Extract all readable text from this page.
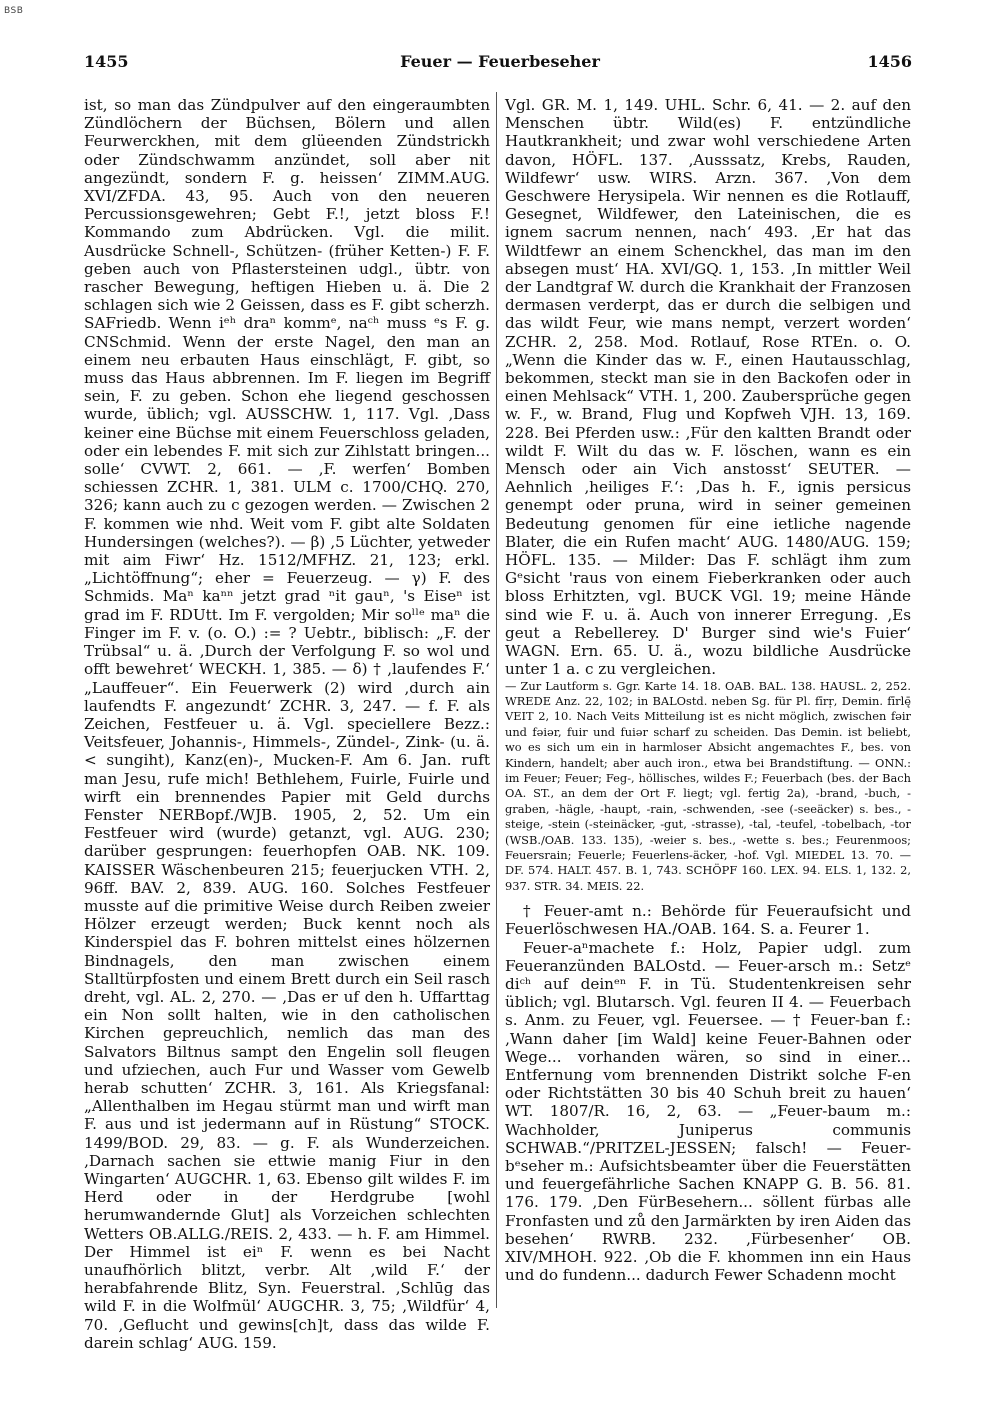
BSB
1455	Feuer — Feuerbeseher	1456

ist, so man das Zündpulver auf den eingeraumbten Zündlöchern der Büchsen, Bölern und allen Feurwerckhen, mit dem glüeenden Zündstrickh oder Zündschwamm anzündet, soll aber nit angezündt, sondern F. g. heissen‘ ZIMM.AUG. XVI/ZFDA. 43, 95. Auch von den neueren Percussionsgewehren; Gebt F.!, jetzt bloss F.! Kommando zum Abdrücken. Vgl. die milit. Ausdrücke Schnell-, Schützen- (früher Ketten-) F. F. geben auch von Pflastersteinen udgl., übtr. von rascher Bewegung, heftigen Hieben u. ä. Die 2 schlagen sich wie 2 Geissen, dass es F. gibt scherzh. SAFriedb. Wenn iᵉʰ draⁿ kommᵉ, naᶜʰ muss ᵉs F. g. CNSchmid. Wenn der erste Nagel, den man an einem neu erbauten Haus einschlägt, F. gibt, so muss das Haus abbrennen. Im F. liegen im Begriff sein, F. zu geben. Schon ehe liegend geschossen wurde, üblich; vgl. AUSSCHW. 1, 117. Vgl. ‚Dass keiner eine Büchse mit einem Feuerschloss geladen, oder ein lebendes F. mit sich zur Zihlstatt bringen... solle‘ CVWT. 2, 661. — ‚F. werfen‘ Bomben schiessen ZCHR. 1, 381. ULM c. 1700/CHQ. 270, 326; kann auch zu c gezogen werden. — Zwischen 2 F. kommen wie nhd. Weit vom F. gibt alte Soldaten Hundersingen (welches?). — β) ‚5 Lüchter, yetweder mit aim Fiwr‘ Hz. 1512/MFHZ. 21, 123; erkl. „Lichtöffnung“; eher = Feuerzeug. — γ) F. des Schmids. Maⁿ kaⁿⁿ jetzt grad ⁿit gauⁿ, 's Eiseⁿ ist grad im F. RDUtt. Im F. vergolden; Mir soˡˡᵉ maⁿ die Finger im F. v. (o. O.) := ? Uebtr., biblisch: „F. der Trübsal“ u. ä. ‚Durch der Verfolgung F. so wol und offt bewehret‘ WECKH. 1, 385. — δ) † ‚laufendes F.‘ „Lauffeuer“. Ein Feuerwerk (2) wird ‚durch ain laufendts F. angezundt‘ ZCHR. 3, 247. — f. F. als Zeichen, Festfeuer u. ä. Vgl. speciellere Bezz.: Veitsfeuer, Johannis-, Himmels-, Zündel-, Zink- (u. ä. < sungiht), Kanz(en)-, Mucken-F. Am 6. Jan. ruft man Jesu, rufe mich! Bethlehem, Fuirle, Fuirle und wirft ein brennendes Papier mit Geld durchs Fenster NERBopf./WJB. 1905, 2, 52. Um ein Festfeuer wird (wurde) getanzt, vgl. AUG. 230; darüber gesprungen: feuerhopfen OAB. NK. 109. KAISSER Wäschenbeuren 215; feuerjucken VTH. 2, 96ff. BAV. 2, 839. AUG. 160. Solches Festfeuer musste auf die primitive Weise durch Reiben zweier Hölzer erzeugt werden; Buck kennt noch als Kinderspiel das F. bohren mittelst eines hölzernen Bindnagels, den man zwischen einem Stalltürpfosten und einem Brett durch ein Seil rasch dreht, vgl. AL. 2, 270. — ‚Das er uf den h. Uffarttag ein Non sollt halten, wie in den catholischen Kirchen gepreuchlich, nemlich das man des Salvators Biltnus sampt den Engelin soll fleugen und ufziechen, auch Fur und Wasser vom Gewelb herab schutten‘ ZCHR. 3, 161. Als Kriegsfanal: „Allenthalben im Hegau stürmt man und wirft man F. aus und ist jedermann auf in Rüstung“ STOCK. 1499/BOD. 29, 83. — g. F. als Wunderzeichen. ‚Darnach sachen sie ettwie manig Fiur in den Wingarten‘ AUGCHR. 1, 63. Ebenso gilt wildes F. im Herd oder in der Herdgrube [wohl herumwandernde Glut] als Vorzeichen schlechten Wetters OB.ALLG./REIS. 2, 433. — h. F. am Himmel. Der Himmel ist eiⁿ F. wenn es bei Nacht unaufhörlich blitzt, verbr. Alt ‚wild F.‘ der herabfahrende Blitz, Syn. Feuerstral. ‚Schlūg das wild F. in die Wolfmül‘ AUGCHR. 3, 75; ‚Wildfür‘ 4, 70. ‚Geflucht und gewins[ch]t, dass das wilde F. darein schlag‘ AUG. 159.

Vgl. GR. M. 1, 149. UHL. Schr. 6, 41. — 2. auf den Menschen übtr. Wild(es) F. entzündliche Hautkrankheit; und zwar wohl verschiedene Arten davon, HÖFL. 137. ‚Ausssatz, Krebs, Rauden, Wildfewr‘ usw. WIRS. Arzn. 367. ‚Von dem Geschwere Herysipela. Wir nennen es die Rotlauff, Gesegnet, Wildfewer, den Lateinischen, die es ignem sacrum nennen, nach‘ 493. ‚Er hat das Wildtfewr an einem Schenckhel, das man im den absegen must‘ HA. XVI/GQ. 1, 153. ‚In mittler Weil der Landtgraf W. durch die Krankhait der Franzosen dermasen verderpt, das er durch die selbigen und das wildt Feur, wie mans nempt, verzert worden‘ ZCHR. 2, 258. Mod. Rotlauf, Rose RTEn. o. O. „Wenn die Kinder das w. F., einen Hautausschlag, bekommen, steckt man sie in den Backofen oder in einen Mehlsack“ VTH. 1, 200. Zaubersprüche gegen w. F., w. Brand, Flug und Kopfweh VJH. 13, 169. 228. Bei Pferden usw.: ‚Für den kaltten Brandt oder wildt F. Wilt du das w. F. löschen, wann es ein Mensch oder ain Vich anstosst‘ SEUTER. — Aehnlich ‚heiliges F.‘: ‚Das h. F., ignis persicus genempt oder pruna, wird in seiner gemeinen Bedeutung genomen für eine ietliche nagende Blater, die ein Rufen macht‘ AUG. 1480/AUG. 159; HÖFL. 135. — Milder: Das F. schlägt ihm zum Gᵉsicht 'raus von einem Fieberkranken oder auch bloss Erhitzten, vgl. BUCK VGl. 19; meine Hände sind wie F. u. ä. Auch von innerer Erregung. ‚Es geut a Rebellerey. D' Burger sind wie's Fuier‘ WAGN. Ern. 65. U. ä., wozu bildliche Ausdrücke unter 1 a. c zu vergleichen.

— Zur Lautform s. Ggr. Karte 14. 18. OAB. BAL. 138. HAUSL. 2, 252. WREDE Anz. 22, 102; in BALOstd. neben Sg. für Pl. fīrṛ, Demin. fīrlę̄ VEIT 2, 10. Nach Veits Mitteilung ist es nicht möglich, zwischen fəir und fəiər, fuir und fuiər scharf zu scheiden. Das Demin. ist beliebt, wo es sich um ein in harmloser Absicht angemachtes F., bes. von Kindern, handelt; aber auch iron., etwa bei Brandstiftung. — ONN.: im Feuer; Feuer; Feg-, höllisches, wildes F.; Feuerbach (bes. der Bach OA. ST., an dem der Ort F. liegt; vgl. fertig 2a), -brand, -buch, -graben, -hägle, -haupt, -rain, -schwenden, -see (-seeäcker) s. bes., -steige, -stein (-steinäcker, -gut, -strasse), -tal, -teufel, -tobelbach, -tor (WSB./OAB. 133. 135), -weier s. bes., -wette s. bes.; Feurenmoos; Feuersrain; Feuerle; Feuerlens-äcker, -hof. Vgl. MIEDEL 13. 70. — DF. 574. HALT. 457. B. 1, 743. SCHÖPF 160. LEX. 94. ELS. 1, 132. 2, 937. STR. 34. MEIS. 22.

† Feuer-amt n.: Behörde für Feueraufsicht und Feuerlöschwesen HA./OAB. 164. S. a. Feurer 1.

Feuer-aⁿmachete f.: Holz, Papier udgl. zum Feueranzünden BALOstd. — Feuer-arsch m.: Setzᵉ diᶜʰ auf deinᵉⁿ F. in Tü. Studentenkreisen sehr üblich; vgl. Blutarsch. Vgl. feuren II 4. — Feuerbach s. Anm. zu Feuer, vgl. Feuersee. — † Feuer-ban f.: ‚Wann daher [im Wald] keine Feuer-Bahnen oder Wege... vorhanden wären, so sind in einer... Entfernung vom brennenden Distrikt solche F-en oder Richtstätten 30 bis 40 Schuh breit zu hauen‘ WT. 1807/R. 16, 2, 63. — „Feuer-baum m.: Wachholder, Juniperus communis SCHWAB.“/PRITZEL-JESSEN; falsch! — Feuer-bᵉseher m.: Aufsichtsbeamter über die Feuerstätten und feuergefährliche Sachen KNAPP G. B. 56. 81. 176. 179. ‚Den FürBesehern... söllent fürbas alle Fronfasten und zů den Jarmärkten by iren Aiden das besehen‘ RWRB. 232. ‚Fürbesenher‘ OB. XIV/MHOH. 922. ‚Ob die F. khommen inn ein Haus und do fundenn... dadurch Fewer Schadenn mocht
